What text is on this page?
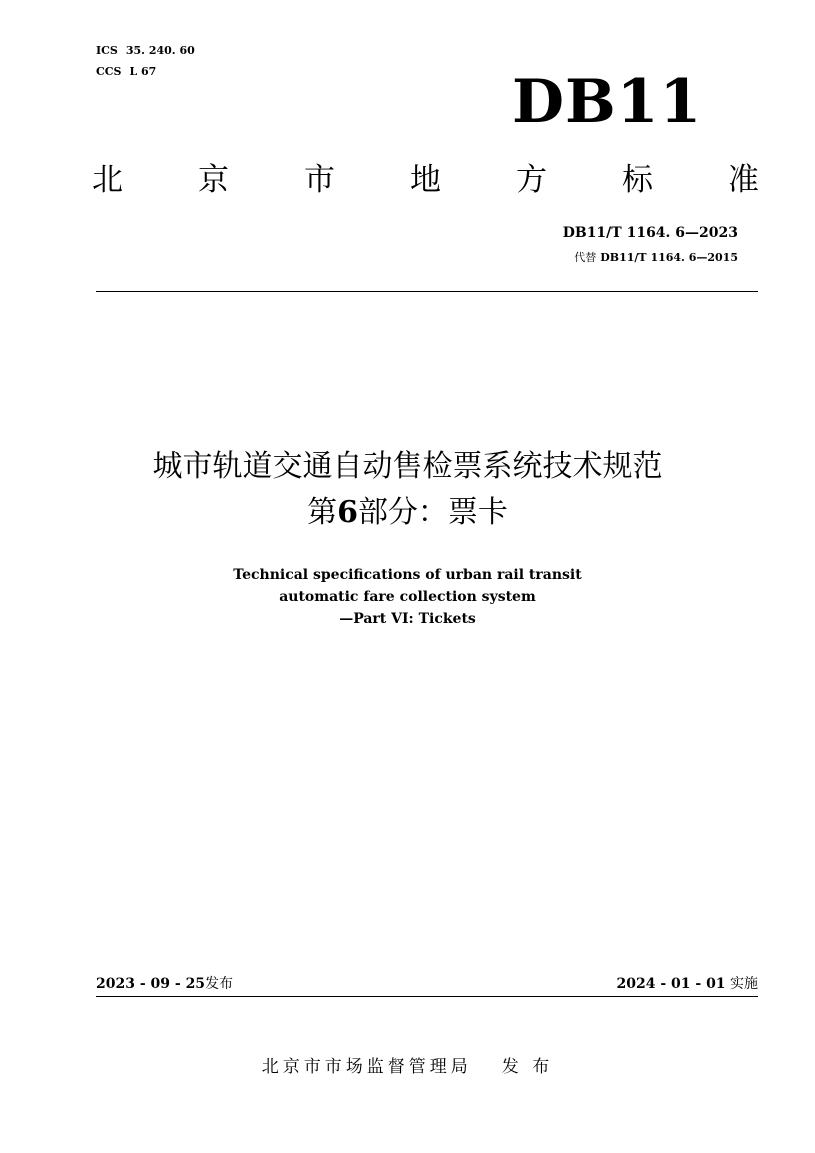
ICS 35. 240. 60
CCS L 67	DB11
北 京 市 地 方 标 准
DB11/T 1164. 6—2023
代替 DB11/T 1164. 6—2015
城市轨道交通自动售检票系统技术规范
第6部分：票卡
Technical specifications of urban rail transit
automatic fare collection system
—Part VI: Tickets
2023 - 09 - 25发布	2024 - 01 - 01 实施
北京市市场监督管理局 发 布
